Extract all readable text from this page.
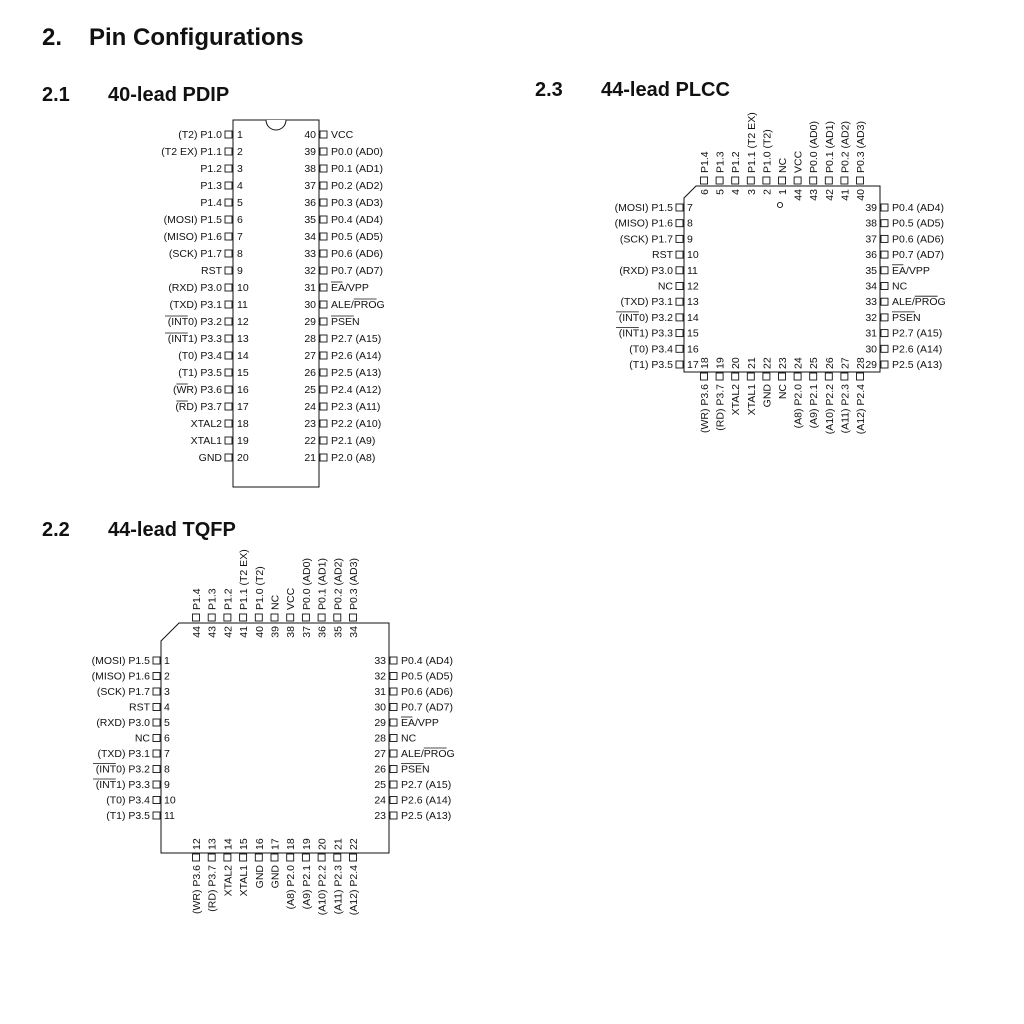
2. Pin Configurations
2.1 40-lead PDIP
2.2 44-lead TQFP
2.3 44-lead PLCC
1
(T2) P1.0
2
(T2 EX) P1.1
3
P1.2
4
P1.3
5
P1.4
6
(MOSI) P1.5
7
(MISO) P1.6
8
(SCK) P1.7
9
RST
10
(RXD) P3.0
11
(TXD) P3.1
12
(INT0) P3.2
13
(INT1) P3.3
14
(T0) P3.4
15
(T1) P3.5
16
(WR) P3.6
17
(RD) P3.7
18
XTAL2
19
XTAL1
20
GND
40 VCC
39 P0.0 (AD0)
38 P0.1 (AD1)
37 P0.2 (AD2)
36 P0.3 (AD3)
35 P0.4 (AD4)
34 P0.5 (AD5)
33 P0.6 (AD6)
32 P0.7 (AD7)
31 EA/VPP
30 ALE/PROG
29 PSEN
28 P2.7 (A15)
27 P2.6 (A14)
26 P2.5 (A13)
25 P2.4 (A12)
24 P2.3 (A11)
23 P2.2 (A10)
22 P2.1 (A9)
21 P2.0 (A8)
44
P1.4
43
P1.3
42
P1.2
41
P1.1 (T2 EX)
40
P1.0 (T2)
39
NC
38
VCC
37
P0.0 (AD0)
36
P0.1 (AD1)
35
P0.2 (AD2)
34
P0.3 (AD3)
1
(MOSI) P1.5
2
(MISO) P1.6
3
(SCK) P1.7
4
RST
5
(RXD) P3.0
6
NC
7
(TXD) P3.1
8
(INT0) P3.2
9
(INT1) P3.3
10
(T0) P3.4
11
(T1) P3.5
33 P0.4 (AD4)
32 P0.5 (AD5)
31 P0.6 (AD6)
30 P0.7 (AD7)
29 EA/VPP
28 NC
27 ALE/PROG
26 PSEN
25 P2.7 (A15)
24 P2.6 (A14)
23 P2.5 (A13)
12
(WR) P3.6
13
(RD) P3.7
14
XTAL2
15
XTAL1
16
GND
17
GND
18
(A8) P2.0
19
(A9) P2.1
20
(A10) P2.2
21
(A11) P2.3
22
(A12) P2.4
6
P1.4
5
P1.3
4
P1.2
3
P1.1 (T2 EX)
2
P1.0 (T2)
1
NC
44
VCC
43
P0.0 (AD0)
42
P0.1 (AD1)
41
P0.2 (AD2)
40
P0.3 (AD3)
7
(MOSI) P1.5
8
(MISO) P1.6
9
(SCK) P1.7
10
RST
11
(RXD) P3.0
12
NC
13
(TXD) P3.1
14
(INT0) P3.2
15
(INT1) P3.3
16
(T0) P3.4
17
(T1) P3.5
39 P0.4 (AD4)
38 P0.5 (AD5)
37 P0.6 (AD6)
36 P0.7 (AD7)
35 EA/VPP
34 NC
33 ALE/PROG
32 PSEN
31 P2.7 (A15)
30 P2.6 (A14)
29 P2.5 (A13)
18
(WR) P3.6
19
(RD) P3.7
20
XTAL2
21
XTAL1
22
GND
23
NC
24
(A8) P2.0
25
(A9) P2.1
26
(A10) P2.2
27
(A11) P2.3
28
(A12) P2.4
